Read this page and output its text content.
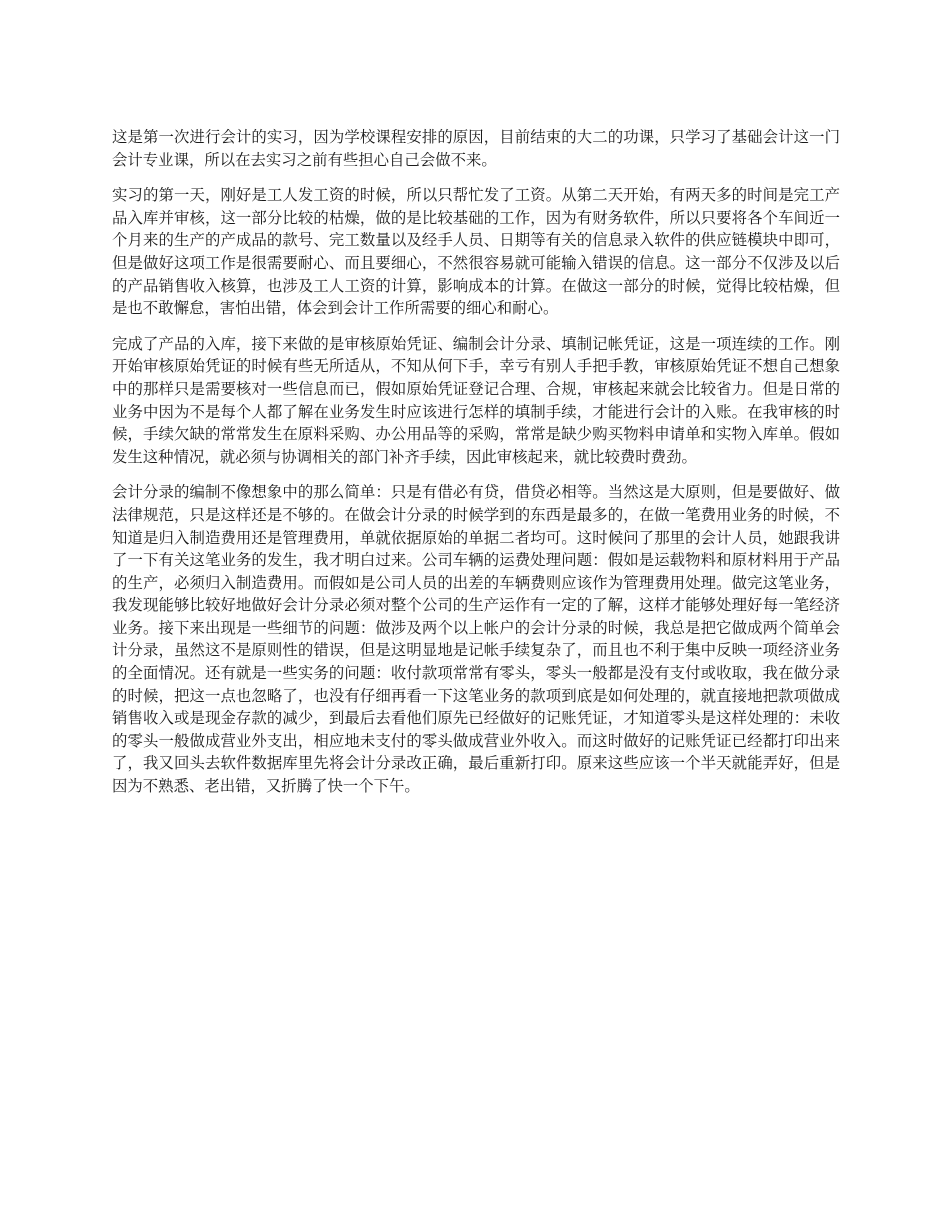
这是第一次进行会计的实习，因为学校课程安排的原因，目前结束的大二的功课，只学习了基础会计这一门会计专业课，所以在去实习之前有些担心自己会做不来。

实习的第一天，刚好是工人发工资的时候，所以只帮忙发了工资。从第二天开始，有两天多的时间是完工产品入库并审核，这一部分比较的枯燥，做的是比较基础的工作，因为有财务软件，所以只要将各个车间近一个月来的生产的产成品的款号、完工数量以及经手人员、日期等有关的信息录入软件的供应链模块中即可，但是做好这项工作是很需要耐心、而且要细心，不然很容易就可能输入错误的信息。这一部分不仅涉及以后的产品销售收入核算，也涉及工人工资的计算，影响成本的计算。在做这一部分的时候，觉得比较枯燥，但是也不敢懈怠，害怕出错，体会到会计工作所需要的细心和耐心。

完成了产品的入库，接下来做的是审核原始凭证、编制会计分录、填制记帐凭证，这是一项连续的工作。刚开始审核原始凭证的时候有些无所适从，不知从何下手，幸亏有别人手把手教，审核原始凭证不想自己想象中的那样只是需要核对一些信息而已，假如原始凭证登记合理、合规，审核起来就会比较省力。但是日常的业务中因为不是每个人都了解在业务发生时应该进行怎样的填制手续，才能进行会计的入账。在我审核的时候，手续欠缺的常常发生在原料采购、办公用品等的采购，常常是缺少购买物料申请单和实物入库单。假如发生这种情况，就必须与协调相关的部门补齐手续，因此审核起来，就比较费时费劲。

会计分录的编制不像想象中的那么简单：只是有借必有贷，借贷必相等。当然这是大原则，但是要做好、做法律规范，只是这样还是不够的。在做会计分录的时候学到的东西是最多的，在做一笔费用业务的时候，不知道是归入制造费用还是管理费用，单就依据原始的单据二者均可。这时候问了那里的会计人员，她跟我讲了一下有关这笔业务的发生，我才明白过来。公司车辆的运费处理问题：假如是运载物料和原材料用于产品的生产，必须归入制造费用。而假如是公司人员的出差的车辆费则应该作为管理费用处理。做完这笔业务，我发现能够比较好地做好会计分录必须对整个公司的生产运作有一定的了解，这样才能够处理好每一笔经济业务。接下来出现是一些细节的问题：做涉及两个以上帐户的会计分录的时候，我总是把它做成两个简单会计分录，虽然这不是原则性的错误，但是这明显地是记帐手续复杂了，而且也不利于集中反映一项经济业务的全面情况。还有就是一些实务的问题：收付款项常常有零头，零头一般都是没有支付或收取，我在做分录的时候，把这一点也忽略了，也没有仔细再看一下这笔业务的款项到底是如何处理的，就直接地把款项做成销售收入或是现金存款的减少，到最后去看他们原先已经做好的记账凭证，才知道零头是这样处理的：未收的零头一般做成营业外支出，相应地未支付的零头做成营业外收入。而这时做好的记账凭证已经都打印出来了，我又回头去软件数据库里先将会计分录改正确，最后重新打印。原来这些应该一个半天就能弄好，但是因为不熟悉、老出错，又折腾了快一个下午。
